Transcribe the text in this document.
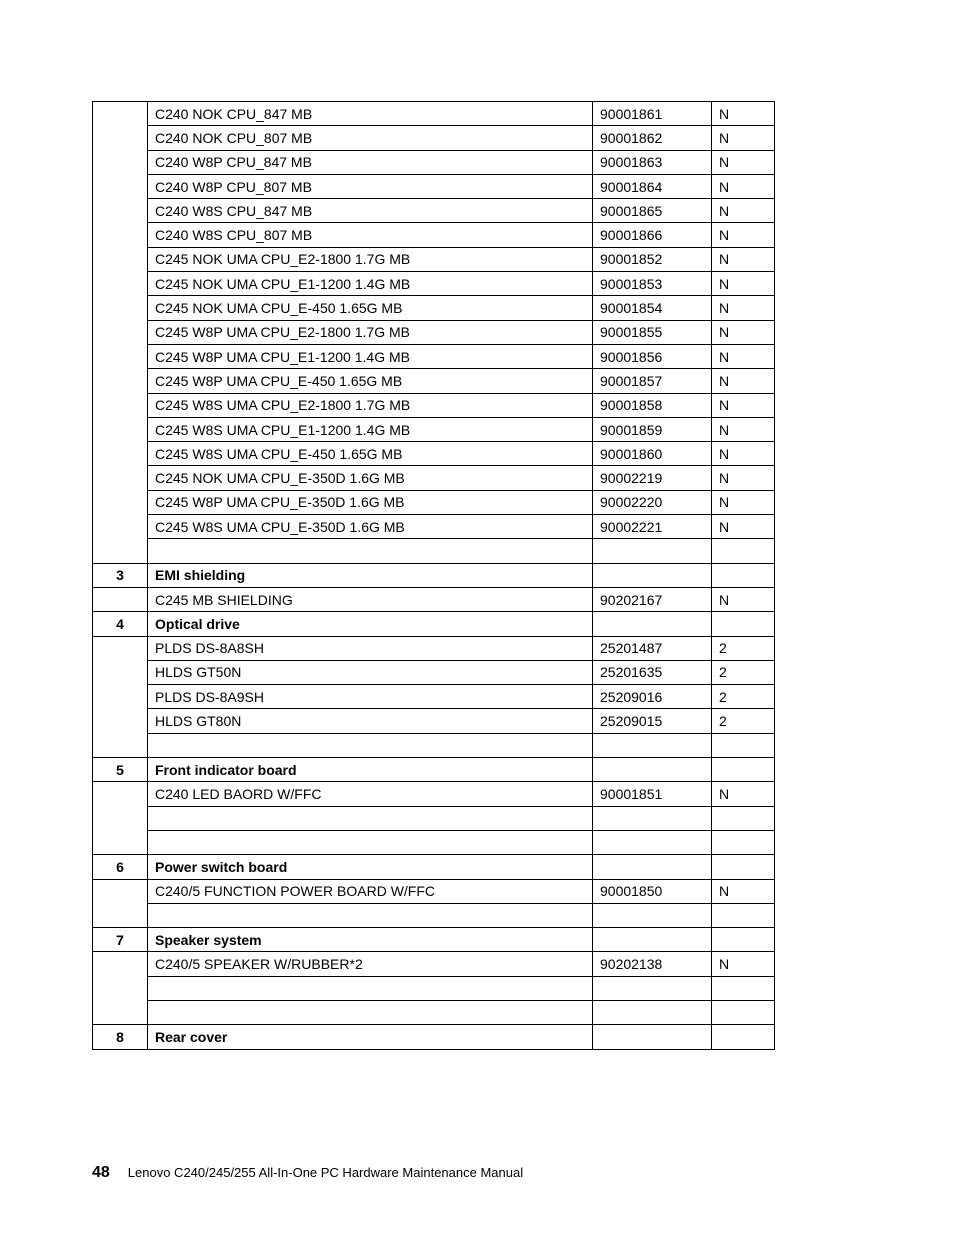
	C240 NOK CPU_847 MB	90001861	N
	C240 NOK CPU_807 MB	90001862	N
	C240 W8P CPU_847 MB	90001863	N
	C240 W8P CPU_807 MB	90001864	N
	C240 W8S CPU_847 MB	90001865	N
	C240 W8S CPU_807 MB	90001866	N
	C245 NOK UMA CPU_E2-1800 1.7G MB	90001852	N
	C245 NOK UMA CPU_E1-1200 1.4G MB	90001853	N
	C245 NOK UMA CPU_E-450 1.65G MB	90001854	N
	C245 W8P UMA CPU_E2-1800 1.7G MB	90001855	N
	C245 W8P UMA CPU_E1-1200 1.4G MB	90001856	N
	C245 W8P UMA CPU_E-450 1.65G MB	90001857	N
	C245 W8S UMA CPU_E2-1800 1.7G MB	90001858	N
	C245 W8S UMA CPU_E1-1200 1.4G MB	90001859	N
	C245 W8S UMA CPU_E-450 1.65G MB	90001860	N
	C245 NOK UMA CPU_E-350D 1.6G MB	90002219	N
	C245 W8P UMA CPU_E-350D 1.6G MB	90002220	N
	C245 W8S UMA CPU_E-350D 1.6G MB	90002221	N

3	EMI shielding		
	C245 MB SHIELDING	90202167	N
4	Optical drive		
	PLDS DS-8A8SH	25201487	2
	HLDS GT50N	25201635	2
	PLDS DS-8A9SH	25209016	2
	HLDS GT80N	25209015	2

5	Front indicator board		
	C240 LED BAORD W/FFC	90001851	N

6	Power switch board		
	C240/5 FUNCTION POWER BOARD W/FFC	90001850	N

7	Speaker system		
	C240/5 SPEAKER W/RUBBER*2	90202138	N

8	Rear cover		
48 Lenovo C240/245/255 All-In-One PC Hardware Maintenance Manual
